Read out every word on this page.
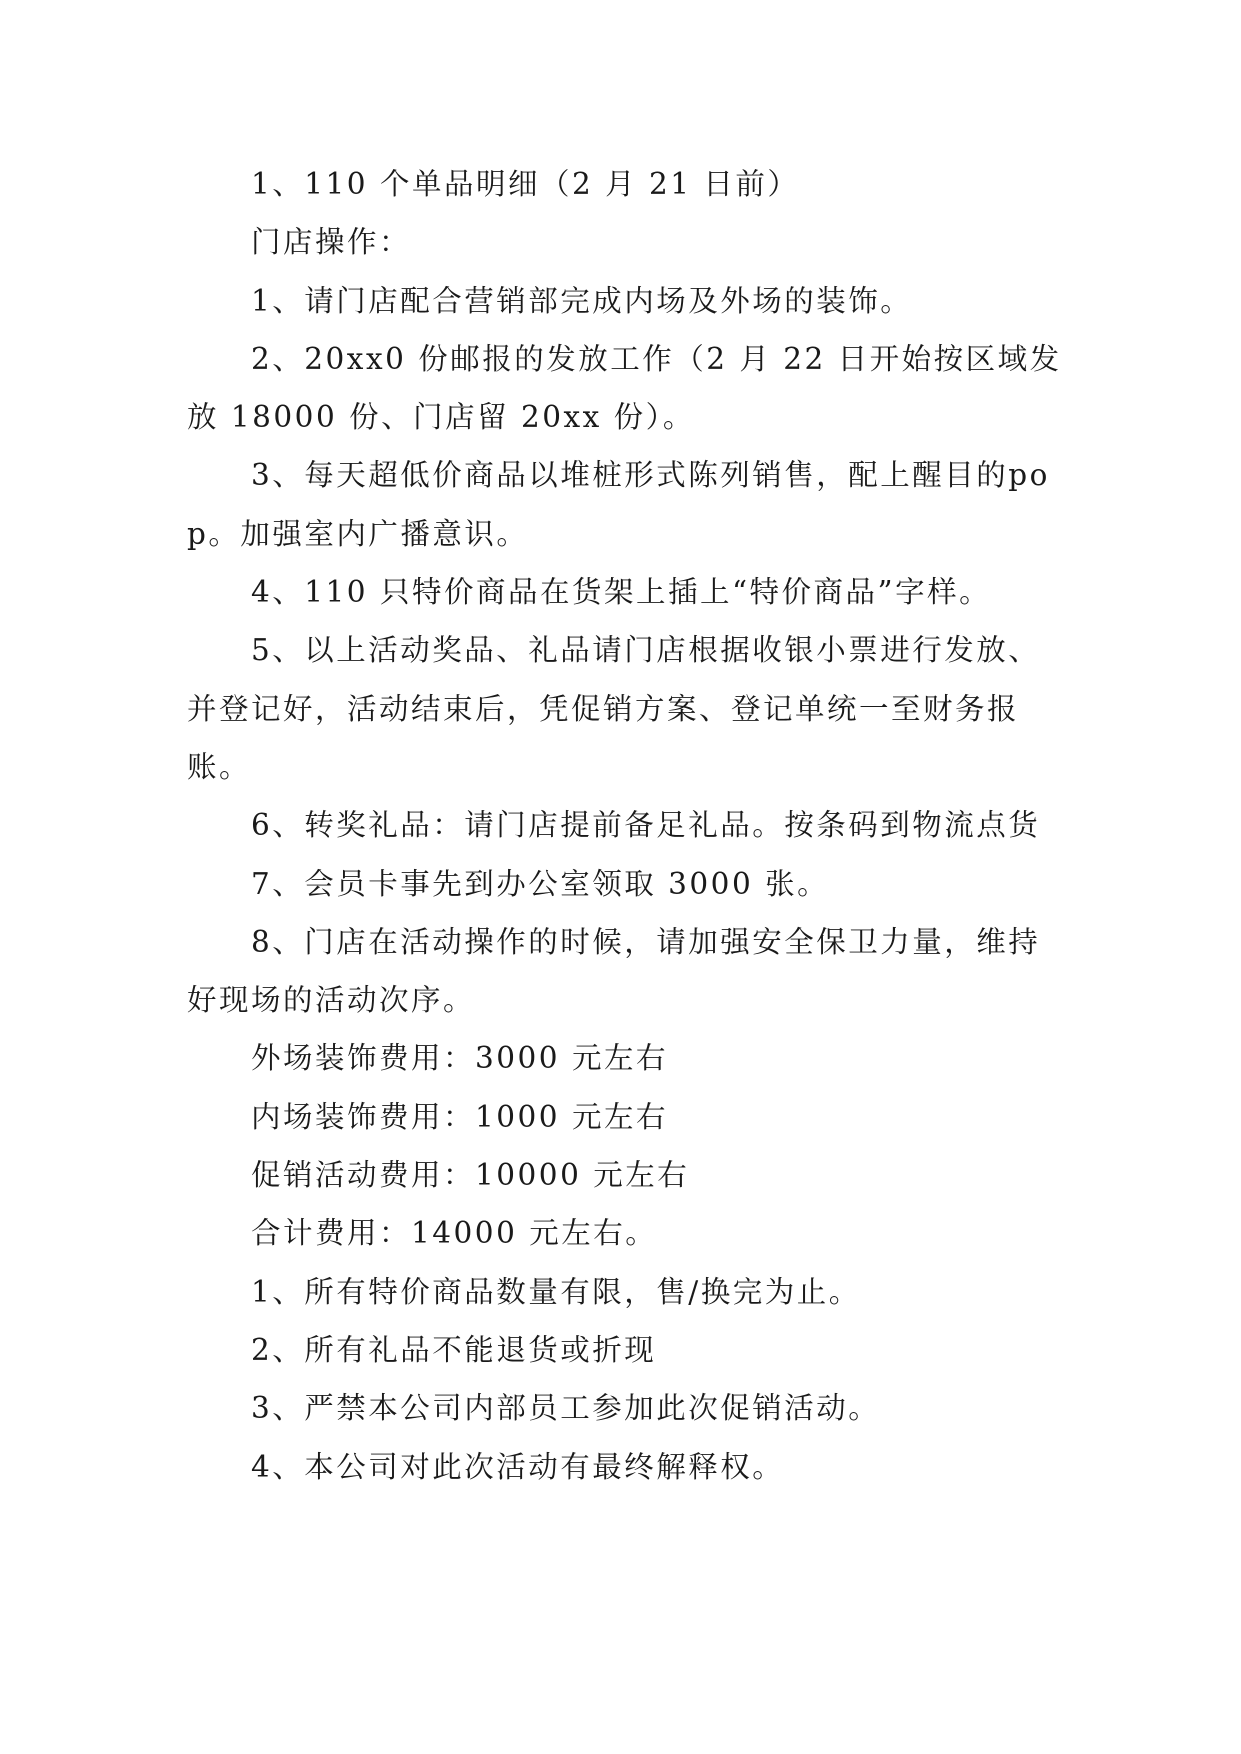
1、110 个单品明细（2 月 21 日前）

门店操作：

1、请门店配合营销部完成内场及外场的装饰。

2、20xx0 份邮报的发放工作（2 月 22 日开始按区域发放 18000 份、门店留 20xx 份）。

3、每天超低价商品以堆桩形式陈列销售，配上醒目的pop。加强室内广播意识。

4、110 只特价商品在货架上插上“特价商品”字样。

5、以上活动奖品、礼品请门店根据收银小票进行发放、并登记好，活动结束后，凭促销方案、登记单统一至财务报账。

6、转奖礼品：请门店提前备足礼品。按条码到物流点货

7、会员卡事先到办公室领取 3000 张。

8、门店在活动操作的时候，请加强安全保卫力量，维持好现场的活动次序。

外场装饰费用：3000 元左右

内场装饰费用：1000 元左右

促销活动费用：10000 元左右

合计费用：14000 元左右。

1、所有特价商品数量有限，售/换完为止。

2、所有礼品不能退货或折现

3、严禁本公司内部员工参加此次促销活动。

4、本公司对此次活动有最终解释权。
